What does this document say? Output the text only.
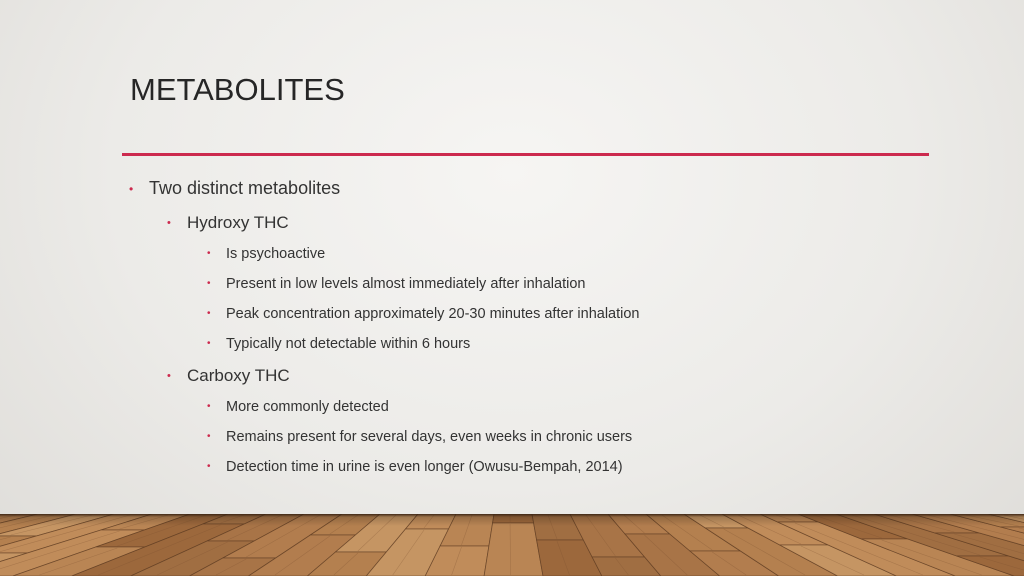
METABOLITES
• Two distinct metabolites
• Hydroxy THC
•	Is psychoactive
•	Present in low levels almost immediately after inhalation
•	Peak concentration approximately 20-30 minutes after inhalation
•	Typically not detectable within 6 hours
• Carboxy THC
•	More commonly detected
•	Remains present for several days, even weeks in chronic users
•	Detection time in urine is even longer (Owusu-Bempah, 2014)
